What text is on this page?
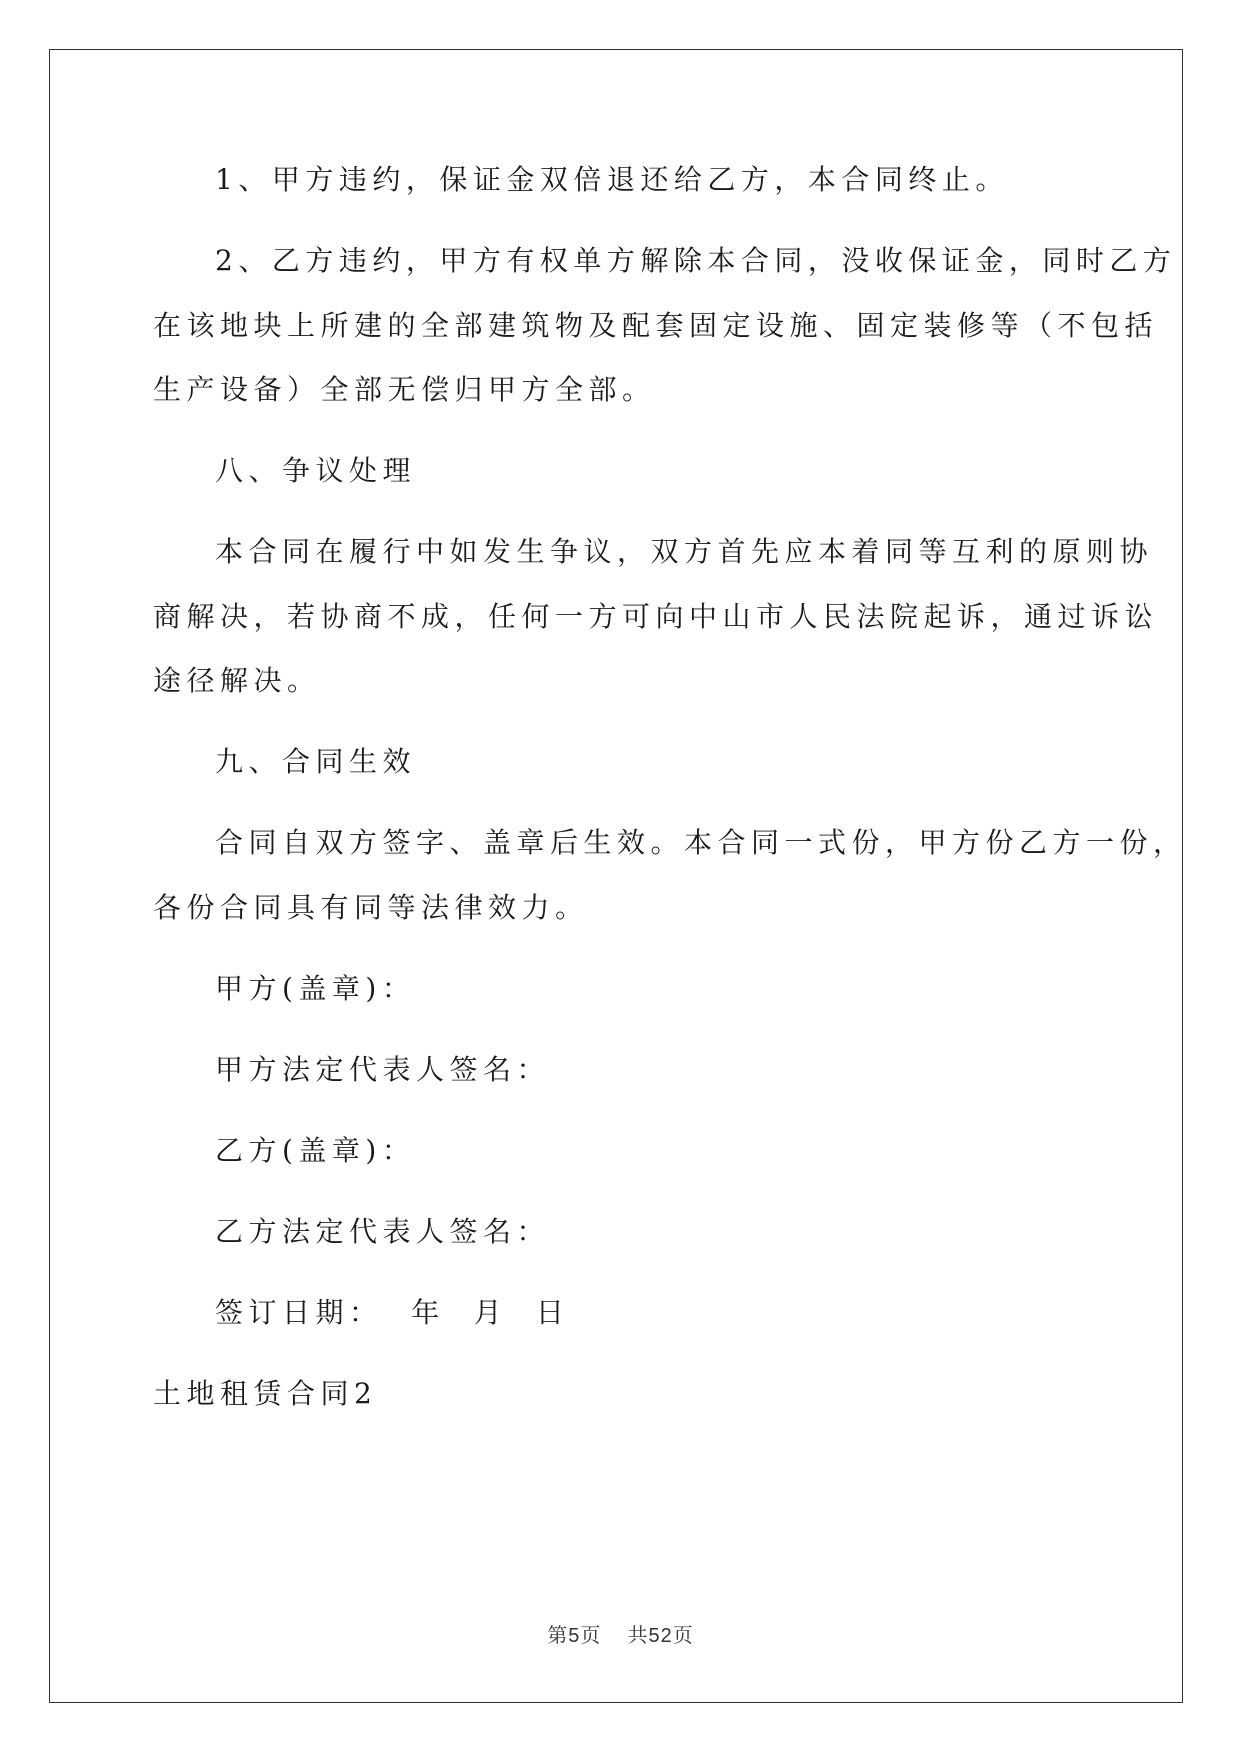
1、甲方违约，保证金双倍退还给乙方，本合同终止。
2、乙方违约，甲方有权单方解除本合同，没收保证金，同时乙方
在该地块上所建的全部建筑物及配套固定设施、固定装修等（不包括
生产设备）全部无偿归甲方全部。
八、争议处理
本合同在履行中如发生争议，双方首先应本着同等互利的原则协
商解决，若协商不成，任何一方可向中山市人民法院起诉，通过诉讼
途径解决。
九、合同生效
合同自双方签字、盖章后生效。本合同一式份，甲方份乙方一份，
各份合同具有同等法律效力。
甲方(盖章)：
甲方法定代表人签名：
乙方(盖章)：
乙方法定代表人签名：
签订日期：  年  月  日
土地租赁合同2
第5页 共52页
